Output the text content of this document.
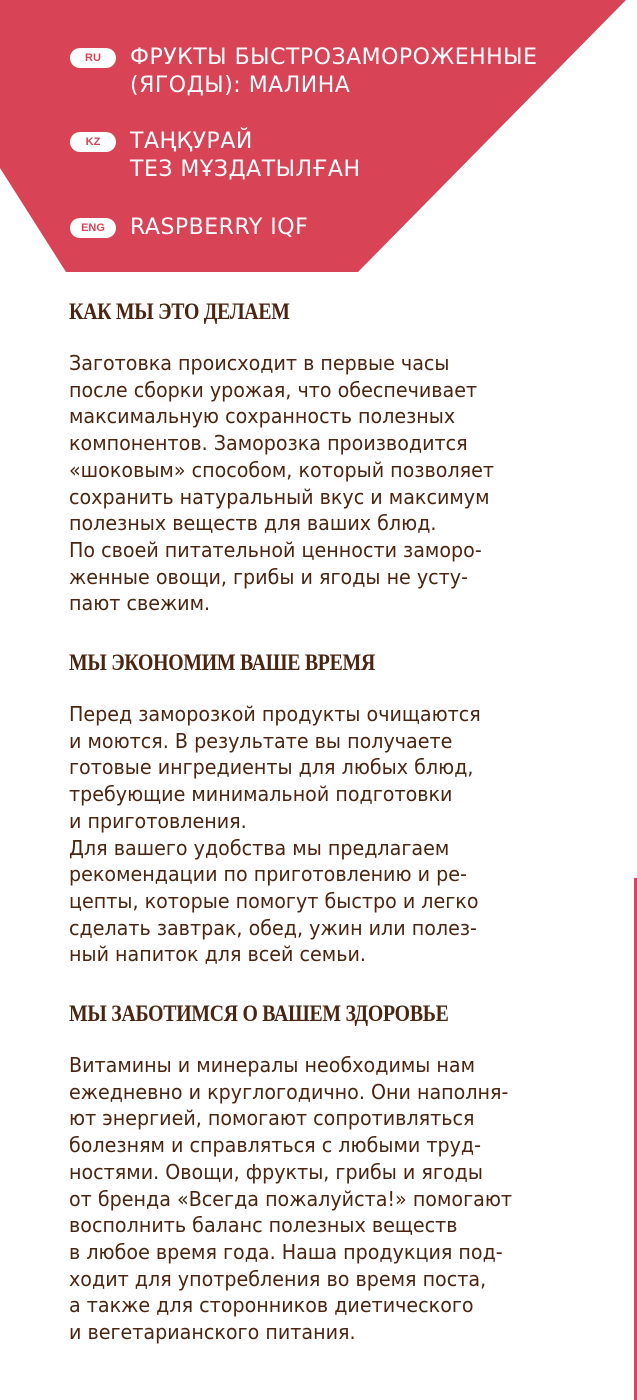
RU	ФРУКТЫ БЫСТРОЗАМОРОЖЕННЫЕ
(ЯГОДЫ): МАЛИНА
KZ	ТАҢҚУРАЙ
ТЕЗ МҰЗДАТЫЛҒАН
ENG	RASPBERRY IQF
КАК МЫ ЭТО ДЕЛАЕМ
Заготовка происходит в первые часы
после сборки урожая, что обеспечивает
максимальную сохранность полезных
компонентов. Заморозка производится
«шоковым» способом, который позволяет
сохранить натуральный вкус и максимум
полезных веществ для ваших блюд.
По своей питательной ценности заморо-
женные овощи, грибы и ягоды не усту-
пают свежим.
МЫ ЭКОНОМИМ ВАШЕ ВРЕМЯ
Перед заморозкой продукты очищаются
и моются. В результате вы получаете
готовые ингредиенты для любых блюд,
требующие минимальной подготовки
и приготовления.
Для вашего удобства мы предлагаем
рекомендации по приготовлению и ре-
цепты, которые помогут быстро и легко
сделать завтрак, обед, ужин или полез-
ный напиток для всей семьи.
МЫ ЗАБОТИМСЯ О ВАШЕМ ЗДОРОВЬЕ
Витамины и минералы необходимы нам
ежедневно и круглогодично. Они наполня-
ют энергией, помогают сопротивляться
болезням и справляться с любыми труд-
ностями. Овощи, фрукты, грибы и ягоды
от бренда «Всегда пожалуйста!» помогают
восполнить баланс полезных веществ
в любое время года. Наша продукция под-
ходит для употребления во время поста,
а также для сторонников диетического
и вегетарианского питания.
